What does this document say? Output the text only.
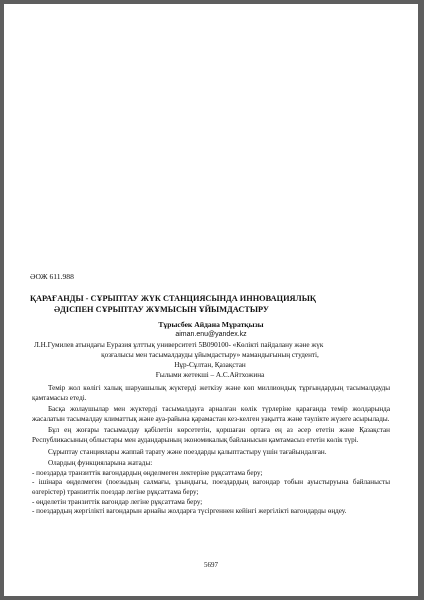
ӘОЖ 611.988

ҚАРАҒАНДЫ - СҰРЫПТАУ ЖҮК СТАНЦИЯСЫНДА ИННОВАЦИЯЛЫҚ
ӘДІСПЕН СҰРЫПТАУ ЖҰМЫСЫН ҰЙЫМДАСТЫРУ

Тұрысбек Айдана Мұратқызы

aiman.enu@yandex.kz

Л.Н.Гумилев атындағы Еуразия ұлттық университеті 5В090100- «Көлікті пайдалану және жүк
қозғалысы мен тасымалдауды ұйымдастыру» мамандығының студенті,
Нұр-Сұлтан, Қазақстан
Ғылыми жетекші – А.С.Айтхожина

Темір жол көлігі халық шаруашылық жүктерді жеткізу және көп миллиондық тұрғындардың тасымалдауды қамтамасыз етеді.

Басқа жолаушылар мен жүктерді тасымалдауға арналған көлік түрлеріне қарағанда темір жолдарында жасалатын тасымалдау климаттық және ауа-райына қарамастан кез-келген уақытта және тәулікте жүзеге асырылады.

Бұл ең жоғары тасымалдау қабілетін көрсететін, қоршаған ортаға ең аз әсер ететін және Қазақстан Республикасының облыстары мен аудандарының экономикалық байланысын қамтамасыз ететін көлік түрі.

Сұрыптау станциялары жаппай тарату және поездарды қалыптастыру үшін тағайындалған.

Олардың функцияларына жатады:

- поездарда транзиттік вагондардың өңделмеген лектеріне рұқсаттама беру;
- ішінара өңделмеген (поезыдың салмағы, ұзындығы, поездардың вагондар тобын ауыстыруына байланысты өзгерістер) транзиттік поездар легіне рұқсаттама беру;
- өңделетін транзиттік вагондар легіне рұқсаттама беру;
- поездардың жергілікті вагондарын арнайы жолдарға түсіргеннен кейінгі жергілікті вагондарды өңдеу.
5697
